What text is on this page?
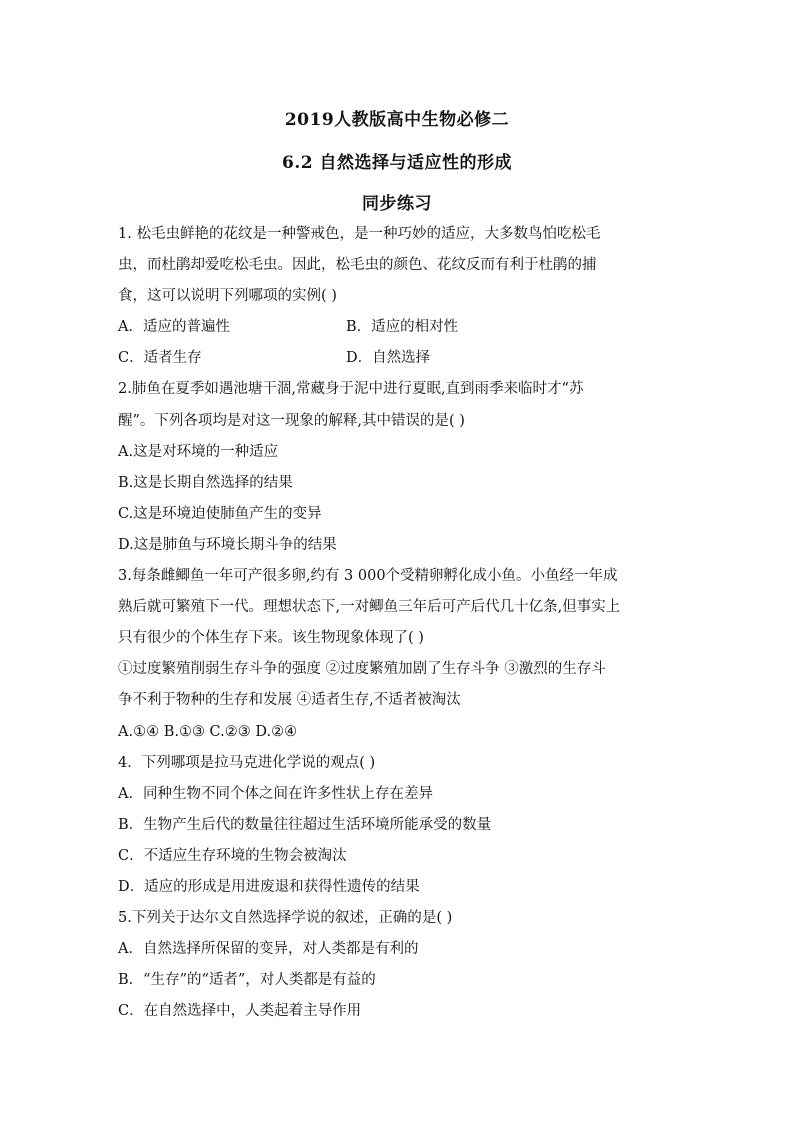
2019人教版高中生物必修二
6.2 自然选择与适应性的形成
同步练习
1. 松毛虫鲜艳的花纹是一种警戒色，是一种巧妙的适应，大多数鸟怕吃松毛
虫，而杜鹃却爱吃松毛虫。因此，松毛虫的颜色、花纹反而有利于杜鹃的捕
食，这可以说明下列哪项的实例( )
A．适应的普遍性	B．适应的相对性
C．适者生存	D．自然选择
2.肺鱼在夏季如遇池塘干涸,常藏身于泥中进行夏眠,直到雨季来临时才“苏
醒”。下列各项均是对这一现象的解释,其中错误的是( )
A.这是对环境的一种适应
B.这是长期自然选择的结果
C.这是环境迫使肺鱼产生的变异
D.这是肺鱼与环境长期斗争的结果
3.每条雌鲫鱼一年可产很多卵,约有 3 000个受精卵孵化成小鱼。小鱼经一年成
熟后就可繁殖下一代。理想状态下,一对鲫鱼三年后可产后代几十亿条,但事实上
只有很少的个体生存下来。该生物现象体现了( )
①过度繁殖削弱生存斗争的强度 ②过度繁殖加剧了生存斗争 ③激烈的生存斗
争不利于物种的生存和发展 ④适者生存,不适者被淘汰
A.①④ B.①③ C.②③ D.②④
4．下列哪项是拉马克进化学说的观点( )
A．同种生物不同个体之间在许多性状上存在差异
B．生物产生后代的数量往往超过生活环境所能承受的数量
C．不适应生存环境的生物会被淘汰
D．适应的形成是用进废退和获得性遗传的结果
5.下列关于达尔文自然选择学说的叙述，正确的是( )
A．自然选择所保留的变异，对人类都是有利的
B．“生存”的“适者”，对人类都是有益的
C．在自然选择中，人类起着主导作用
